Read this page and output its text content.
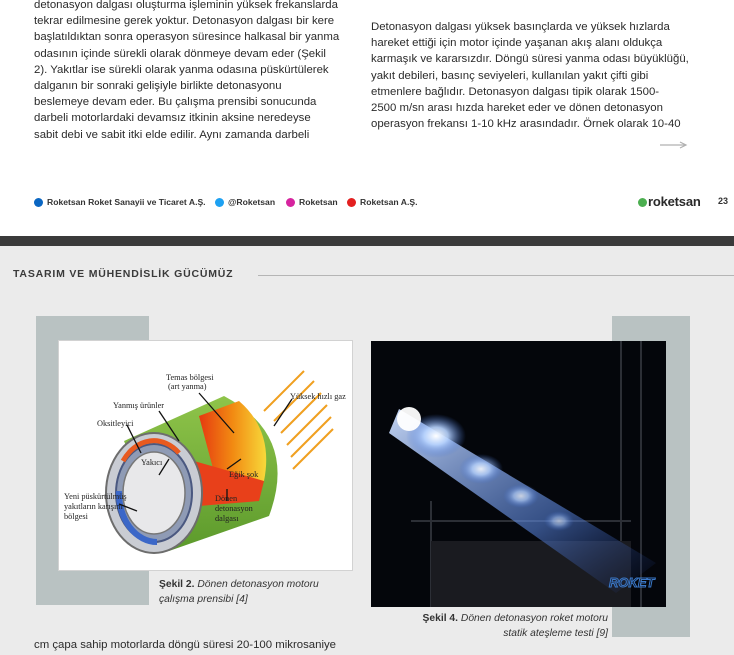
detonasyon dalgası oluşturma işleminin yüksek frekanslarda

tekrar edilmesine gerek yoktur. Detonasyon dalgası bir kere

başlatıldıktan sonra operasyon süresince halkasal bir yanma

odasının içinde sürekli olarak dönmeye devam eder (Şekil

2). Yakıtlar ise sürekli olarak yanma odasına püskürtülerek

dalganın bir sonraki gelişiyle birlikte detonasyonu

beslemeye devam eder. Bu çalışma prensibi sonucunda

darbeli motorlardaki devamsız itkinin aksine neredeyse

sabit debi ve sabit itki elde edilir. Aynı zamanda darbeli

Detonasyon dalgası yüksek basınçlarda ve yüksek hızlarda

hareket ettiği için motor içinde yaşanan akış alanı oldukça

karmaşık ve kararsızdır. Döngü süresi yanma odası büyüklüğü,

yakıt debileri, basınç seviyeleri, kullanılan yakıt çifti gibi

etmenlere bağlıdır. Detonasyon dalgası tipik olarak 1500-

2500 m/sn arası hızda hareket eder ve dönen detonasyon

operasyon frekansı 1-10 kHz arasındadır. Örnek olarak 10-40

Roketsan Roket Sanayii ve Ticaret A.Ş.	@Roketsan	Roketsan	Roketsan A.Ş.	roketsan 23
TASARIM VE MÜHENDİSLİK GÜCÜMÜZ
Temas bölgesi
(art yanma)
Yüksek hızlı gaz
Yanmış ürünler
Oksitleyici
Yakıcı
Eğik şok
Yeni püskürtülmüş
yakıtların karışım
bölgesi
Dönen
detonasyon
dalgası
Şekil 2. Dönen detonasyon motoru
çalışma prensibi [4]
ROKET
Şekil 4. Dönen detonasyon roket motoru
statik ateşleme testi [9]
cm çapa sahip motorlarda döngü süresi 20-100 mikrosaniye
